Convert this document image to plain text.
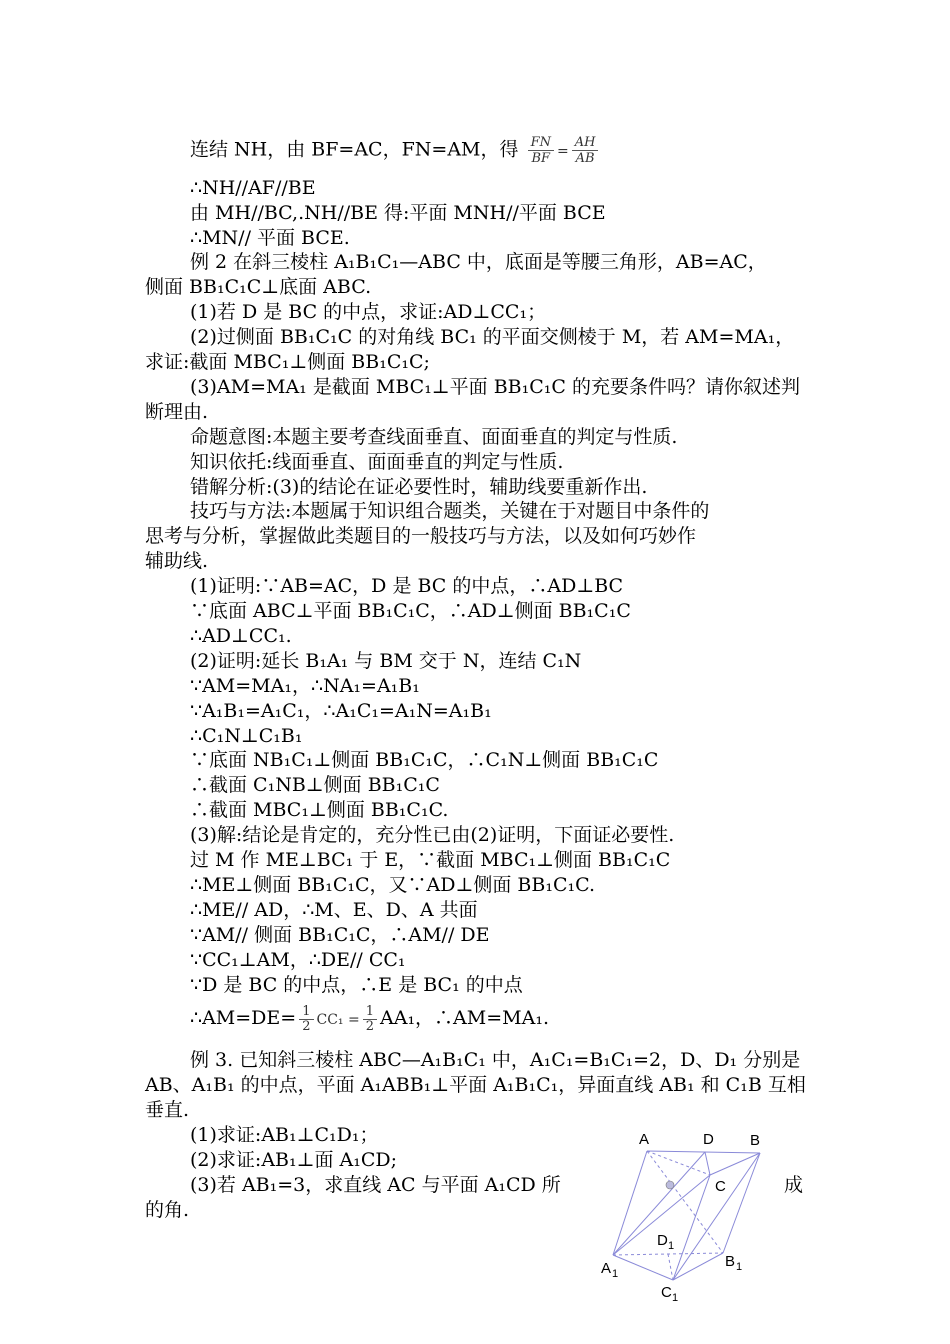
连结 NH，由 BF=AC，FN=AM，得 $\frac{FN}{BF} = \frac{AH}{AB}$
∴NH//AF//BE
由 MH//BC,.NH//BE 得:平面 MNH//平面 BCE
∴MN// 平面 BCE.
例 2 在斜三棱柱 A₁B₁C₁—ABC 中，底面是等腰三角形，AB=AC，
侧面 BB₁C₁C⊥底面 ABC.
(1)若 D 是 BC 的中点，求证:AD⊥CC₁；
(2)过侧面 BB₁C₁C 的对角线 BC₁ 的平面交侧棱于 M，若 AM=MA₁，
求证:截面 MBC₁⊥侧面 BB₁C₁C;
(3)AM=MA₁ 是截面 MBC₁⊥平面 BB₁C₁C 的充要条件吗？请你叙述判
断理由.
命题意图:本题主要考查线面垂直、面面垂直的判定与性质.
知识依托:线面垂直、面面垂直的判定与性质.
错解分析:(3)的结论在证必要性时，辅助线要重新作出.
技巧与方法:本题属于知识组合题类，关键在于对题目中条件的
思考与分析，掌握做此类题目的一般技巧与方法，以及如何巧妙作
辅助线.
(1)证明:∵AB=AC，D 是 BC 的中点，∴AD⊥BC
∵底面 ABC⊥平面 BB₁C₁C，∴AD⊥侧面 BB₁C₁C
∴AD⊥CC₁.
(2)证明:延长 B₁A₁ 与 BM 交于 N，连结 C₁N
∵AM=MA₁，∴NA₁=A₁B₁
∵A₁B₁=A₁C₁，∴A₁C₁=A₁N=A₁B₁
∴C₁N⊥C₁B₁
∵底面 NB₁C₁⊥侧面 BB₁C₁C，∴C₁N⊥侧面 BB₁C₁C
∴截面 C₁NB⊥侧面 BB₁C₁C
∴截面 MBC₁⊥侧面 BB₁C₁C.
(3)解:结论是肯定的，充分性已由(2)证明，下面证必要性.
过 M 作 ME⊥BC₁ 于 E，∵截面 MBC₁⊥侧面 BB₁C₁C
∴ME⊥侧面 BB₁C₁C，又∵AD⊥侧面 BB₁C₁C.
∴ME// AD，∴M、E、D、A 共面
∵AM// 侧面 BB₁C₁C，∴AM// DE
∵CC₁⊥AM，∴DE// CC₁
∵D 是 BC 的中点，∴E 是 BC₁ 的中点
∴AM=DE= $\frac{1}{2} CC_1 = \frac{1}{2} AA_1$，∴AM=MA₁.
例 3. 已知斜三棱柱 ABC—A₁B₁C₁ 中，A₁C₁=B₁C₁=2，D、D₁ 分别是
AB、A₁B₁ 的中点，平面 A₁ABB₁⊥平面 A₁B₁C₁，异面直线 AB₁ 和 C₁B 互相
垂直.
(1)求证:AB₁⊥C₁D₁；
(2)求证:AB₁⊥面 A₁CD;
(3)若 AB₁=3，求直线 AC 与平面 A₁CD 所	成
的角.
A	D B
C
D 1
A 1
B 1
C 1
